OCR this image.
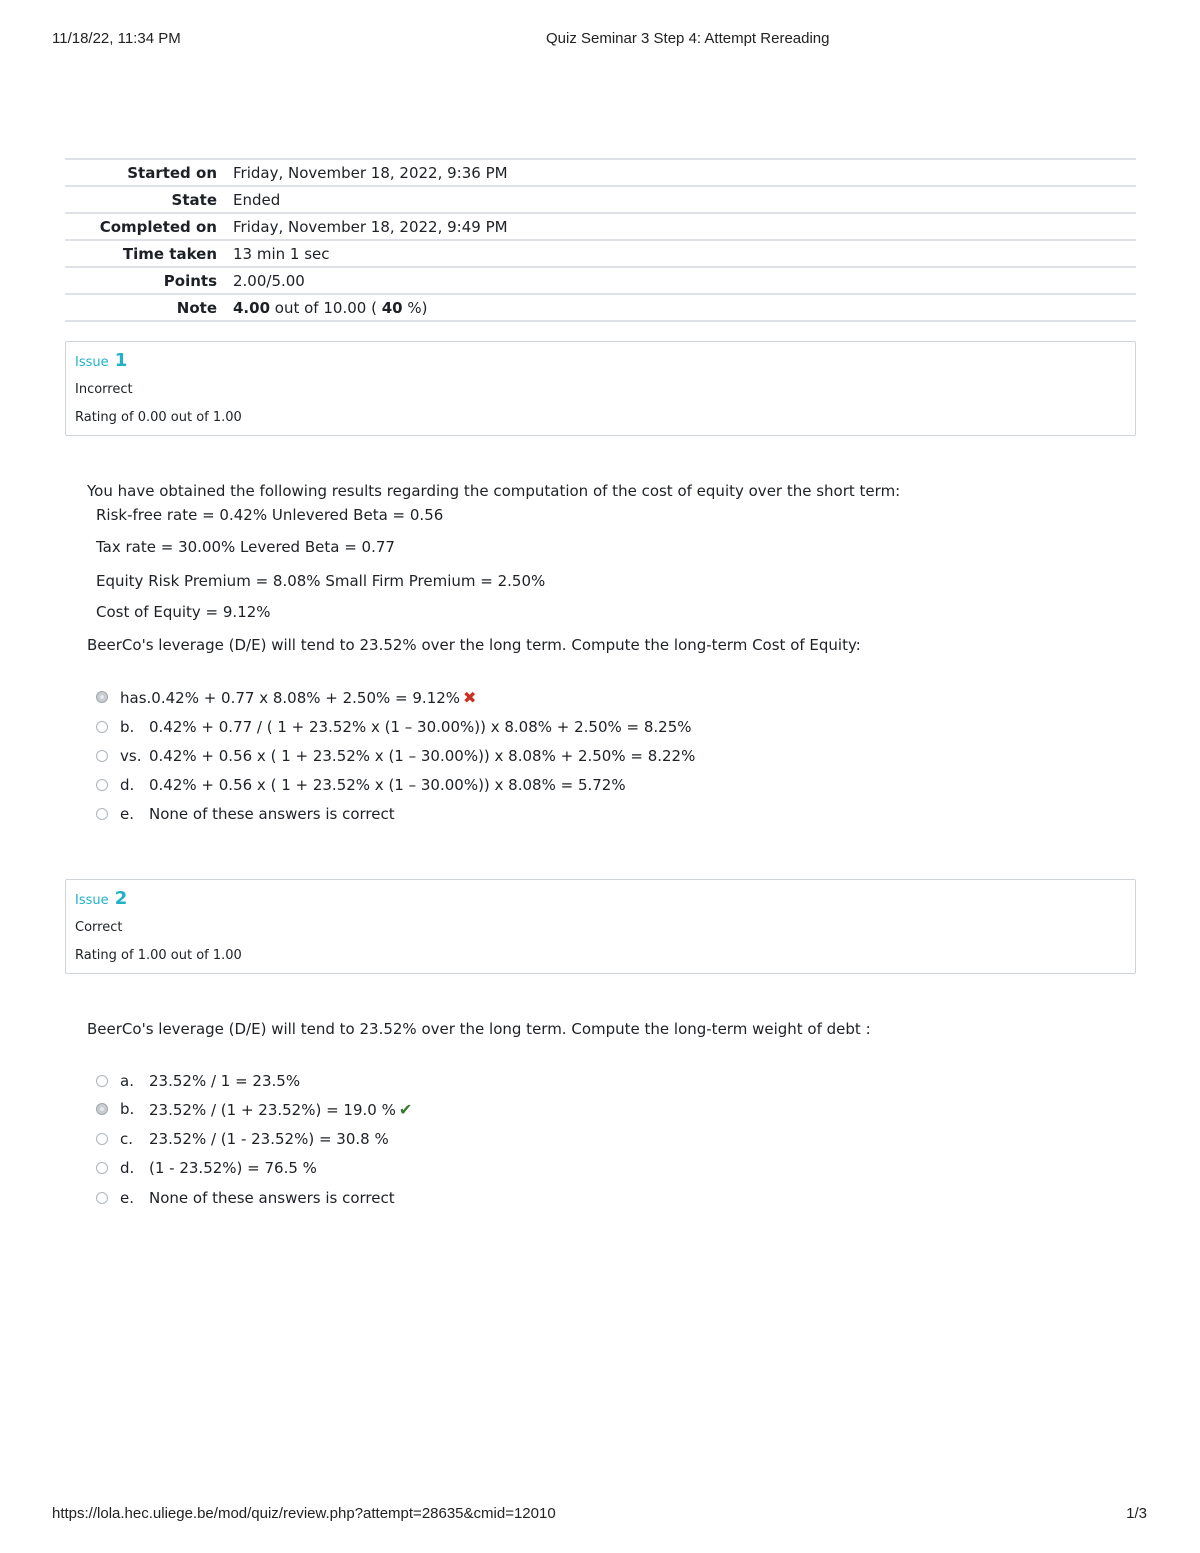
11/18/22, 11:34 PM	Quiz Seminar 3 Step 4: Attempt Rereading
Started on	Friday, November 18, 2022, 9:36 PM
State	Ended
Completed on	Friday, November 18, 2022, 9:49 PM
Time taken	13 min 1 sec
Points	2.00/5.00
Note	4.00 out of 10.00 ( 40 %)
Issue 1
Incorrect
Rating of 0.00 out of 1.00
You have obtained the following results regarding the computation of the cost of equity over the short term:
Risk-free rate = 0.42% Unlevered Beta = 0.56
Tax rate = 30.00% Levered Beta = 0.77
Equity Risk Premium = 8.08% Small Firm Premium = 2.50%
Cost of Equity = 9.12%
BeerCo's leverage (D/E) will tend to 23.52% over the long term. Compute the long-term Cost of Equity:
has.0.42% + 0.77 x 8.08% + 2.50% = 9.12% ✖
b. 0.42% + 0.77 / ( 1 + 23.52% x (1 – 30.00%)) x 8.08% + 2.50% = 8.25%
vs. 0.42% + 0.56 x ( 1 + 23.52% x (1 – 30.00%)) x 8.08% + 2.50% = 8.22%
d. 0.42% + 0.56 x ( 1 + 23.52% x (1 – 30.00%)) x 8.08% = 5.72%
e. None of these answers is correct
Issue 2
Correct
Rating of 1.00 out of 1.00
BeerCo's leverage (D/E) will tend to 23.52% over the long term. Compute the long-term weight of debt :
a. 23.52% / 1 = 23.5%
b. 23.52% / (1 + 23.52%) = 19.0 % ✔
c. 23.52% / (1 - 23.52%) = 30.8 %
d. (1 - 23.52%) = 76.5 %
e. None of these answers is correct
https://lola.hec.uliege.be/mod/quiz/review.php?attempt=28635&cmid=12010	1/3
